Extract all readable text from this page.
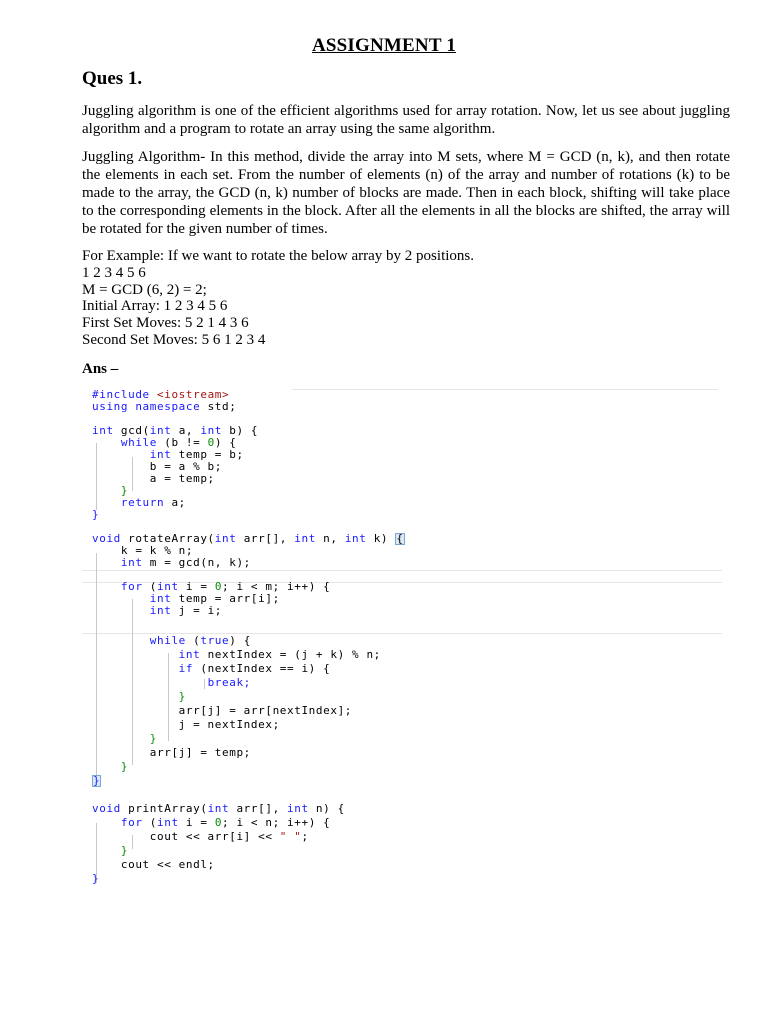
ASSIGNMENT 1
Ques 1.
Juggling algorithm is one of the efficient algorithms used for array rotation. Now, let us see about juggling algorithm and a program to rotate an array using the same algorithm.
Juggling Algorithm- In this method, divide the array into M sets, where M = GCD (n, k), and then rotate the elements in each set. From the number of elements (n) of the array and number of rotations (k) to be made to the array, the GCD (n, k) number of blocks are made. Then in each block, shifting will take place to the corresponding elements in the block. After all the elements in all the blocks are shifted, the array will be rotated for the given number of times.
For Example: If we want to rotate the below array by 2 positions.
1 2 3 4 5 6
M = GCD (6, 2) = 2;
Initial Array: 1 2 3 4 5 6
First Set Moves: 5 2 1 4 3 6
Second Set Moves: 5 6 1 2 3 4
Ans –
#include <iostream>
using namespace std;
int gcd(int a, int b) {
while (b != 0) {
int temp = b;
b = a % b;
a = temp;
}
return a;
}
void rotateArray(int arr[], int n, int k) {
k = k % n;
int m = gcd(n, k);
for (int i = 0; i < m; i++) {
int temp = arr[i];
int j = i;
while (true) {
int nextIndex = (j + k) % n;
if (nextIndex == i) {
break;
}
arr[j] = arr[nextIndex];
j = nextIndex;
}
arr[j] = temp;
}
}
void printArray(int arr[], int n) {
for (int i = 0; i < n; i++) {
cout << arr[i] << " ";
}
cout << endl;
}
